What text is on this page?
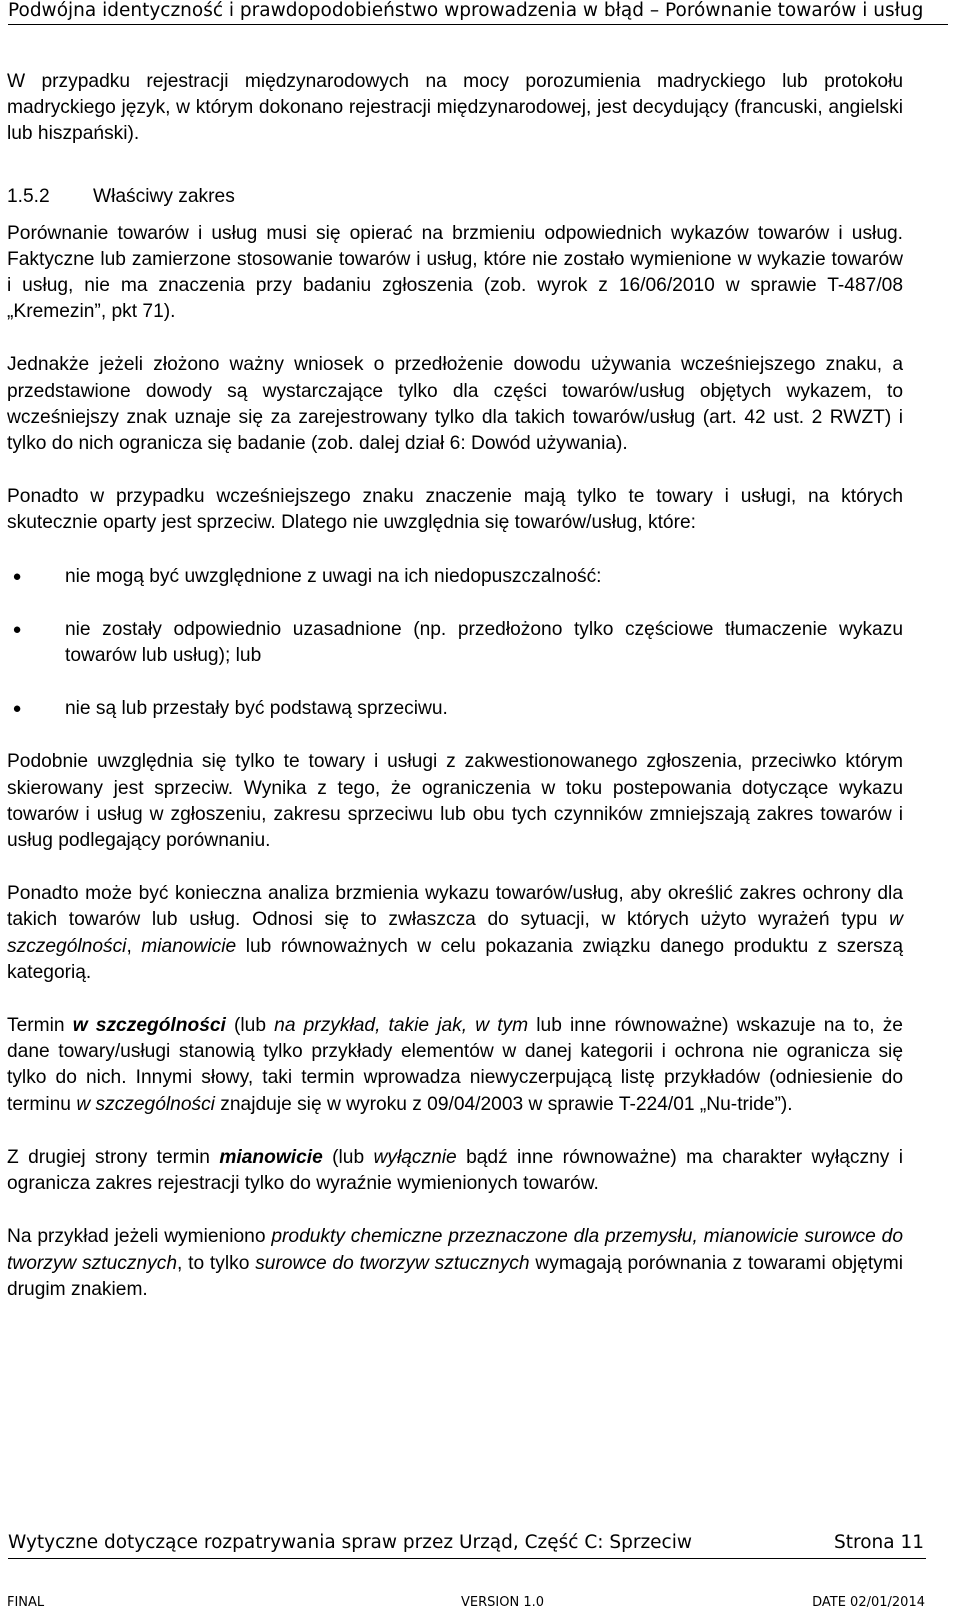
Podwójna identyczność i prawdopodobieństwo wprowadzenia w błąd – Porównanie towarów i usług

W przypadku rejestracji międzynarodowych na mocy porozumienia madryckiego lub protokołu madryckiego język, w którym dokonano rejestracji międzynarodowej, jest decydujący (francuski, angielski lub hiszpański).

1.5.2 Właściwy zakres

Porównanie towarów i usług musi się opierać na brzmieniu odpowiednich wykazów towarów i usług. Faktyczne lub zamierzone stosowanie towarów i usług, które nie zostało wymienione w wykazie towarów i usług, nie ma znaczenia przy badaniu zgłoszenia (zob. wyrok z 16/06/2010 w sprawie T-487/08 „Kremezin”, pkt 71).

Jednakże jeżeli złożono ważny wniosek o przedłożenie dowodu używania wcześniejszego znaku, a przedstawione dowody są wystarczające tylko dla części towarów/usług objętych wykazem, to wcześniejszy znak uznaje się za zarejestrowany tylko dla takich towarów/usług (art. 42 ust. 2 RWZT) i tylko do nich ogranicza się badanie (zob. dalej dział 6: Dowód używania).

Ponadto w przypadku wcześniejszego znaku znaczenie mają tylko te towary i usługi, na których skutecznie oparty jest sprzeciw. Dlatego nie uwzględnia się towarów/usług, które:

● nie mogą być uwzględnione z uwagi na ich niedopuszczalność:
● nie zostały odpowiednio uzasadnione (np. przedłożono tylko częściowe tłumaczenie wykazu towarów lub usług); lub
● nie są lub przestały być podstawą sprzeciwu.

Podobnie uwzględnia się tylko te towary i usługi z zakwestionowanego zgłoszenia, przeciwko którym skierowany jest sprzeciw. Wynika z tego, że ograniczenia w toku postepowania dotyczące wykazu towarów i usług w zgłoszeniu, zakresu sprzeciwu lub obu tych czynników zmniejszają zakres towarów i usług podlegający porównaniu.

Ponadto może być konieczna analiza brzmienia wykazu towarów/usług, aby określić zakres ochrony dla takich towarów lub usług. Odnosi się to zwłaszcza do sytuacji, w których użyto wyrażeń typu w szczególności, mianowicie lub równoważnych w celu pokazania związku danego produktu z szerszą kategorią.

Termin w szczególności (lub na przykład, takie jak, w tym lub inne równoważne) wskazuje na to, że dane towary/usługi stanowią tylko przykłady elementów w danej kategorii i ochrona nie ogranicza się tylko do nich. Innymi słowy, taki termin wprowadza niewyczerpującą listę przykładów (odniesienie do terminu w szczególności znajduje się w wyroku z 09/04/2003 w sprawie T-224/01 „Nu-tride”).

Z drugiej strony termin mianowicie (lub wyłącznie bądź inne równoważne) ma charakter wyłączny i ogranicza zakres rejestracji tylko do wyraźnie wymienionych towarów.

Na przykład jeżeli wymieniono produkty chemiczne przeznaczone dla przemysłu, mianowicie surowce do tworzyw sztucznych, to tylko surowce do tworzyw sztucznych wymagają porównania z towarami objętymi drugim znakiem.

Wytyczne dotyczące rozpatrywania spraw przez Urząd, Część C: Sprzeciw	Strona 11
FINAL	VERSION 1.0	DATE 02/01/2014
